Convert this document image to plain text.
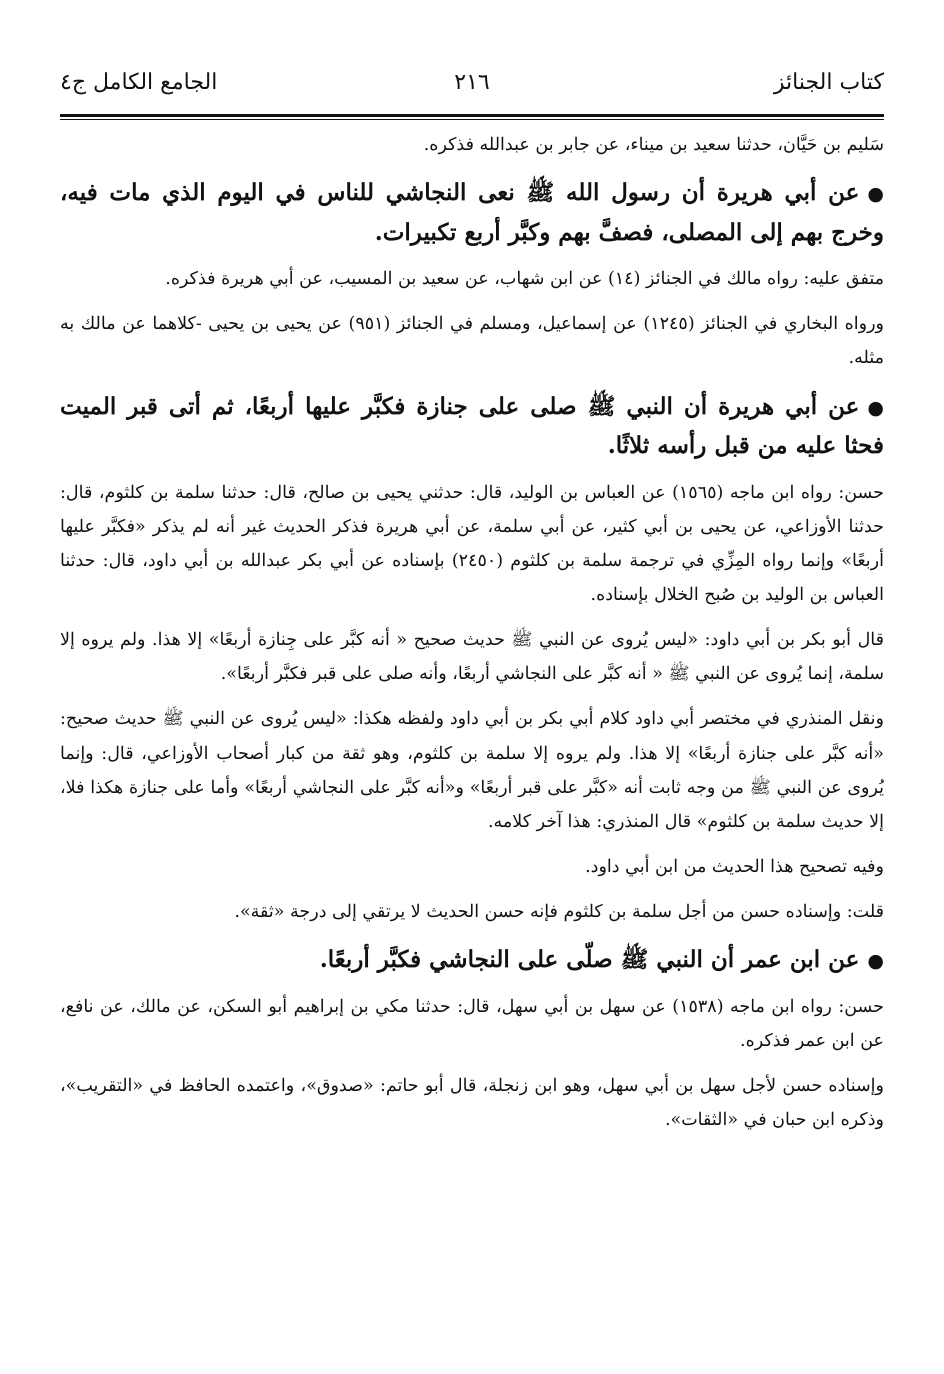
كتاب الجنائز
٢١٦
الجامع الكامل ج٤

سَليم بن حَيَّان، حدثنا سعيد بن ميناء، عن جابر بن عبدالله فذكره.

●عن أبي هريرة أن رسول الله ﷺ نعى النجاشي للناس في اليوم الذي مات فيه، وخرج بهم إلى المصلى، فصفَّ بهم وكبَّر أربع تكبيرات.

متفق عليه: رواه مالك في الجنائز (١٤) عن ابن شهاب، عن سعيد بن المسيب، عن أبي هريرة فذكره.

ورواه البخاري في الجنائز (١٢٤٥) عن إسماعيل، ومسلم في الجنائز (٩٥١) عن يحيى بن يحيى -كلاهما عن مالك به مثله.

●عن أبي هريرة أن النبي ﷺ صلى على جنازة فكبَّر عليها أربعًا، ثم أتى قبر الميت فحثا عليه من قبل رأسه ثلاثًا.

حسن: رواه ابن ماجه (١٥٦٥) عن العباس بن الوليد، قال: حدثني يحيى بن صالح، قال: حدثنا سلمة بن كلثوم، قال: حدثنا الأوزاعي، عن يحيى بن أبي كثير، عن أبي سلمة، عن أبي هريرة فذكر الحديث غير أنه لم يذكر «فكبَّر عليها أربعًا» وإنما رواه المِزِّي في ترجمة سلمة بن كلثوم (٢٤٥٠) بإسناده عن أبي بكر عبدالله بن أبي داود، قال: حدثنا العباس بن الوليد بن صُبح الخلال بإسناده.

قال أبو بكر بن أبي داود: «ليس يُروى عن النبي ﷺ حديث صحيح « أنه كبَّر على جِنازة أربعًا» إلا هذا. ولم يروه إلا سلمة، إنما يُروى عن النبي ﷺ « أنه كبَّر على النجاشي أربعًا، وأنه صلى على قبر فكبَّر أربعًا».

ونقل المنذري في مختصر أبي داود كلام أبي بكر بن أبي داود ولفظه هكذا: «ليس يُروى عن النبي ﷺ حديث صحيح: «أنه كبَّر على جنازة أربعًا» إلا هذا. ولم يروه إلا سلمة بن كلثوم، وهو ثقة من كبار أصحاب الأوزاعي، قال: وإنما يُروى عن النبي ﷺ من وجه ثابت أنه «كبَّر على قبر أربعًا» و«أنه كبَّر على النجاشي أربعًا» وأما على جنازة هكذا فلا، إلا حديث سلمة بن كلثوم» قال المنذري: هذا آخر كلامه.

وفيه تصحيح هذا الحديث من ابن أبي داود.

قلت: وإسناده حسن من أجل سلمة بن كلثوم فإنه حسن الحديث لا يرتقي إلى درجة «ثقة».

●عن ابن عمر أن النبي ﷺ صلّى على النجاشي فكبَّر أربعًا.

حسن: رواه ابن ماجه (١٥٣٨) عن سهل بن أبي سهل، قال: حدثنا مكي بن إبراهيم أبو السكن، عن مالك، عن نافع، عن ابن عمر فذكره.

وإسناده حسن لأجل سهل بن أبي سهل، وهو ابن زنجلة، قال أبو حاتم: «صدوق»، واعتمده الحافظ في «التقريب»، وذكره ابن حبان في «الثقات».
